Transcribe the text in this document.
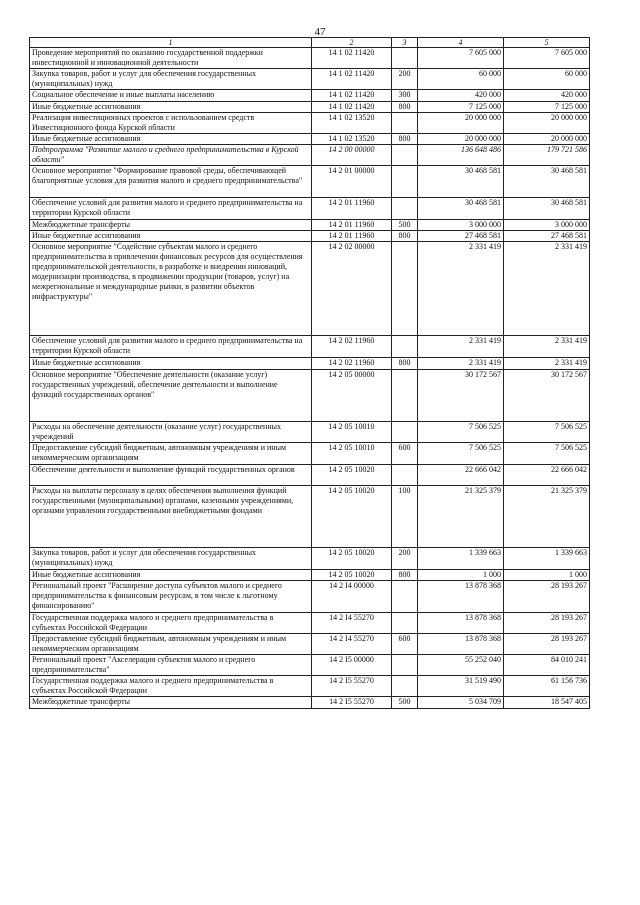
47
1	2	3	4	5
Проведение мероприятий по оказанию государственной поддержки инвестиционной и инновационной деятельности	14 1 02 11420		7 605 000	7 605 000
Закупка товаров, работ и услуг для обеспечения государственных (муниципальных) нужд	14 1 02 11420	200	60 000	60 000
Социальное обеспечение и иные выплаты населению	14 1 02 11420	300	420 000	420 000
Иные бюджетные ассигнования	14 1 02 11420	800	7 125 000	7 125 000
Реализация инвестиционных проектов с использованием средств Инвестиционного фонда Курской области	14 1 02 13520		20 000 000	20 000 000
Иные бюджетные ассигнования	14 1 02 13520	800	20 000 000	20 000 000
Подпрограмма "Развитие малого и среднего предпринимательства в Курской области"	14 2 00 00000		136 648 486	179 721 586
Основное мероприятие "Формирование правовой среды, обеспечивающей благоприятные условия для развития малого и среднего предпринимательства"	14 2 01 00000		30 468 581	30 468 581
Обеспечение условий для развития малого и среднего предпринимательства на территории Курской области	14 2 01 11960		30 468 581	30 468 581
Межбюджетные трансферты	14 2 01 11960	500	3 000 000	3 000 000
Иные бюджетные ассигнования	14 2 01 11960	800	27 468 581	27 468 581
Основное мероприятие "Содействие субъектам малого и среднего предпринимательства в привлечении финансовых ресурсов для осуществления предпринимательской деятельности, в разработке и внедрении инноваций, модернизации производства, в продвижении продукции (товаров, услуг) на межрегиональные и международные рынки, в развитии объектов инфраструктуры"	14 2 02 00000		2 331 419	2 331 419
Обеспечение условий для развития малого и среднего предпринимательства на территории Курской области	14 2 02 11960		2 331 419	2 331 419
Иные бюджетные ассигнования	14 2 02 11960	800	2 331 419	2 331 419
Основное мероприятие "Обеспечение деятельности (оказание услуг) государственных учреждений, обеспечение деятельности и выполнение функций государственных органов"	14 2 05 00000		30 172 567	30 172 567
Расходы на обеспечение деятельности (оказание услуг) государственных учреждений	14 2 05 10010		7 506 525	7 506 525
Предоставление субсидий бюджетным, автономным учреждениям и иным некоммерческим организациям	14 2 05 10010	600	7 506 525	7 506 525
Обеспечение деятельности и выполнение функций государственных органов	14 2 05 10020		22 666 042	22 666 042
Расходы на выплаты персоналу в целях обеспечения выполнения функций государственными (муниципальными) органами, казенными учреждениями, органами управления государственными внебюджетными фондами	14 2 05 10020	100	21 325 379	21 325 379
Закупка товаров, работ и услуг для обеспечения государственных (муниципальных) нужд	14 2 05 10020	200	1 339 663	1 339 663
Иные бюджетные ассигнования	14 2 05 10020	800	1 000	1 000
Региональный проект "Расширение доступа субъектов малого и среднего предпринимательства к финансовым ресурсам, в том числе к льготному финансированию"	14 2 I4 00000		13 878 368	28 193 267
Государственная поддержка малого и среднего предпринимательства в субъектах Российской Федерации	14 2 I4 55270		13 878 368	28 193 267
Предоставление субсидий бюджетным, автономным учреждениям и иным некоммерческим организациям	14 2 I4 55270	600	13 878 368	28 193 267
Региональный проект "Акселерация субъектов малого и среднего предпринимательства"	14 2 I5 00000		55 252 040	84 010 241
Государственная поддержка малого и среднего предпринимательства в субъектах Российской Федерации	14 2 I5 55270		31 519 490	61 156 736
Межбюджетные трансферты	14 2 I5 55270	500	5 034 709	18 547 405
